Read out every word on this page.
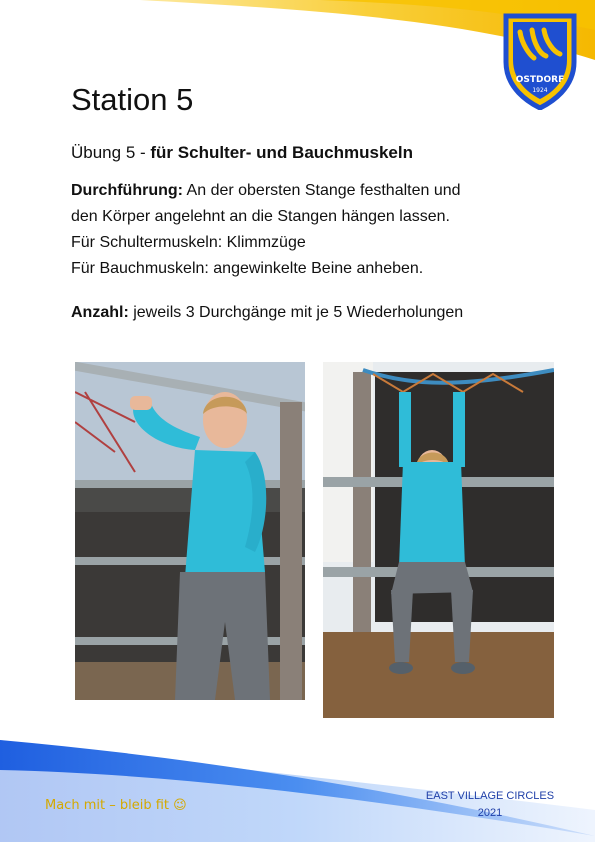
OSTDORF
1924
Station 5
Übung 5 - für Schulter- und Bauchmuskeln

Durchführung: An der obersten Stange festhalten und

den Körper angelehnt an die Stangen hängen lassen.

Für Schultermuskeln: Klimmzüge

Für Bauchmuskeln: angewinkelte Beine anheben.

Anzahl: jeweils 3 Durchgänge mit je 5 Wiederholungen
Mach mit – bleib fit 😉
EAST VILLAGE CIRCLES
2021
